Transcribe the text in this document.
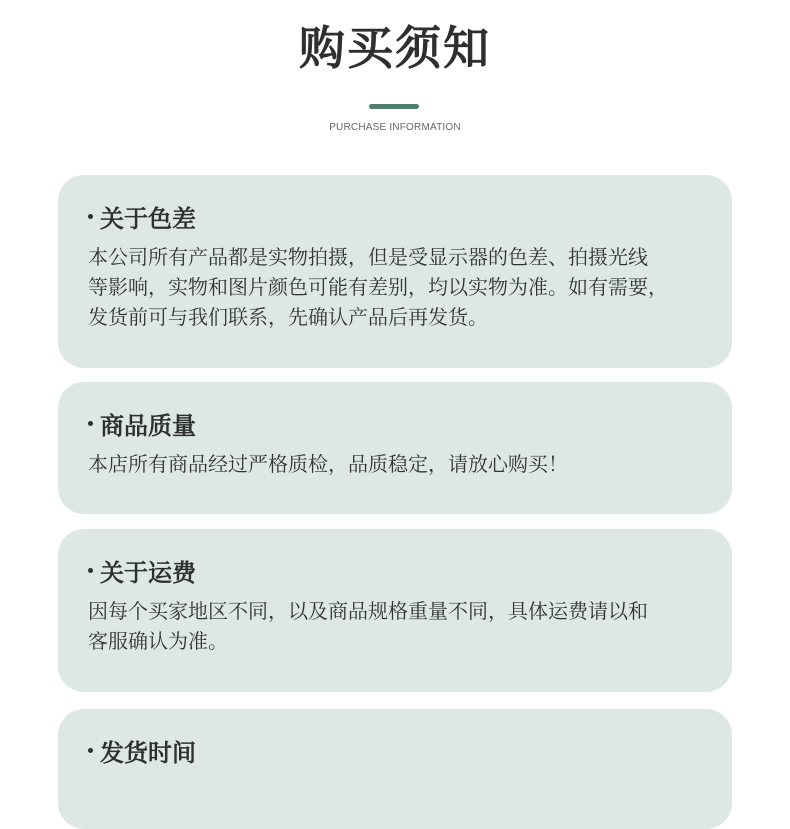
购买须知
PURCHASE INFORMATION
关于色差
本公司所有产品都是实物拍摄，但是受显示器的色差、拍摄光线
等影响，实物和图片颜色可能有差别，均以实物为准。如有需要，
发货前可与我们联系，先确认产品后再发货。
商品质量
本店所有商品经过严格质检，品质稳定，请放心购买！
关于运费
因每个买家地区不同，以及商品规格重量不同，具体运费请以和
客服确认为准。
发货时间
